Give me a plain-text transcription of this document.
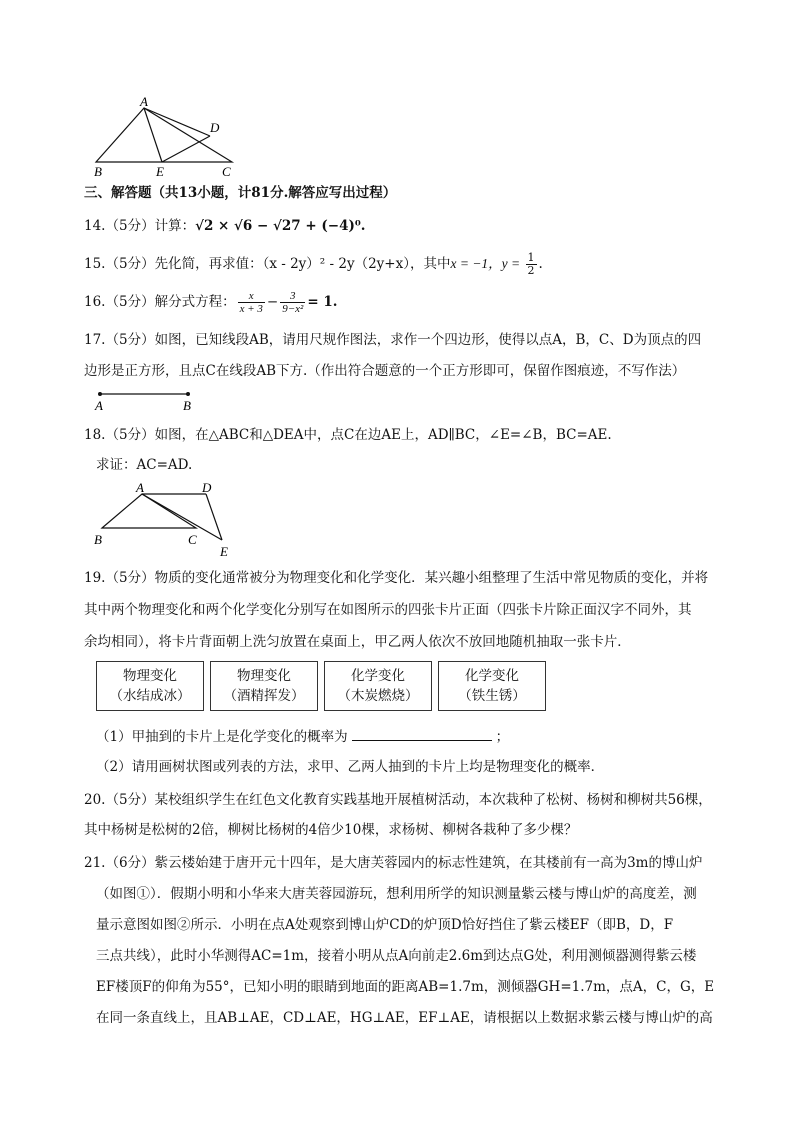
A
D
B	E	C
三、解答题（共13小题，计81分.解答应写出过程）
14.（5分）计算：√2 × √6 − √27 + (−4)⁰.
15.（5分）先化简，再求值：（x - 2y）² - 2y（2y+x），其中x = −1，$y = \frac{1}{2}$ .
16.（5分）解分式方程： $\frac{x}{x + 3} - \frac{3}{\text{9−x²}} = 1$.
17.（5分）如图，已知线段AB，请用尺规作图法，求作一个四边形，使得以点A，B，C、D为顶点的四
边形是正方形，且点C在线段AB下方.（作出符合题意的一个正方形即可，保留作图痕迹，不写作法）
A	B
18.（5分）如图，在△ABC和△DEA中，点C在边AE上，AD∥BC，∠E=∠B，BC=AE.
求证：AC=AD.
A	D
B	C
E
19.（5分）物质的变化通常被分为物理变化和化学变化．某兴趣小组整理了生活中常见物质的变化，并将
其中两个物理变化和两个化学变化分别写在如图所示的四张卡片正面（四张卡片除正面汉字不同外，其
余均相同），将卡片背面朝上洗匀放置在桌面上，甲乙两人依次不放回地随机抽取一张卡片．
物理变化
（水结成冰）
物理变化
（酒精挥发）
化学变化
（木炭燃烧）
化学变化
（铁生锈）
（1）甲抽到的卡片上是化学变化的概率为	；
（2）请用画树状图或列表的方法，求甲、乙两人抽到的卡片上均是物理变化的概率．
20.（5分）某校组织学生在红色文化教育实践基地开展植树活动，本次栽种了松树、杨树和柳树共56棵，
其中杨树是松树的2倍，柳树比杨树的4倍少10棵，求杨树、柳树各栽种了多少棵？
21.（6分）紫云楼始建于唐开元十四年，是大唐芙蓉园内的标志性建筑，在其楼前有一高为3m的博山炉
（如图①）．假期小明和小华来大唐芙蓉园游玩，想利用所学的知识测量紫云楼与博山炉的高度差，测
量示意图如图②所示．小明在点A处观察到博山炉CD的炉顶D恰好挡住了紫云楼EF（即B，D，F
三点共线），此时小华测得AC=1m，接着小明从点A向前走2.6m到达点G处，利用测倾器测得紫云楼
EF楼顶F的仰角为55°，已知小明的眼睛到地面的距离AB=1.7m，测倾器GH=1.7m，点A，C，G，E
在同一条直线上，且AB⊥AE，CD⊥AE，HG⊥AE，EF⊥AE，请根据以上数据求紫云楼与博山炉的高
